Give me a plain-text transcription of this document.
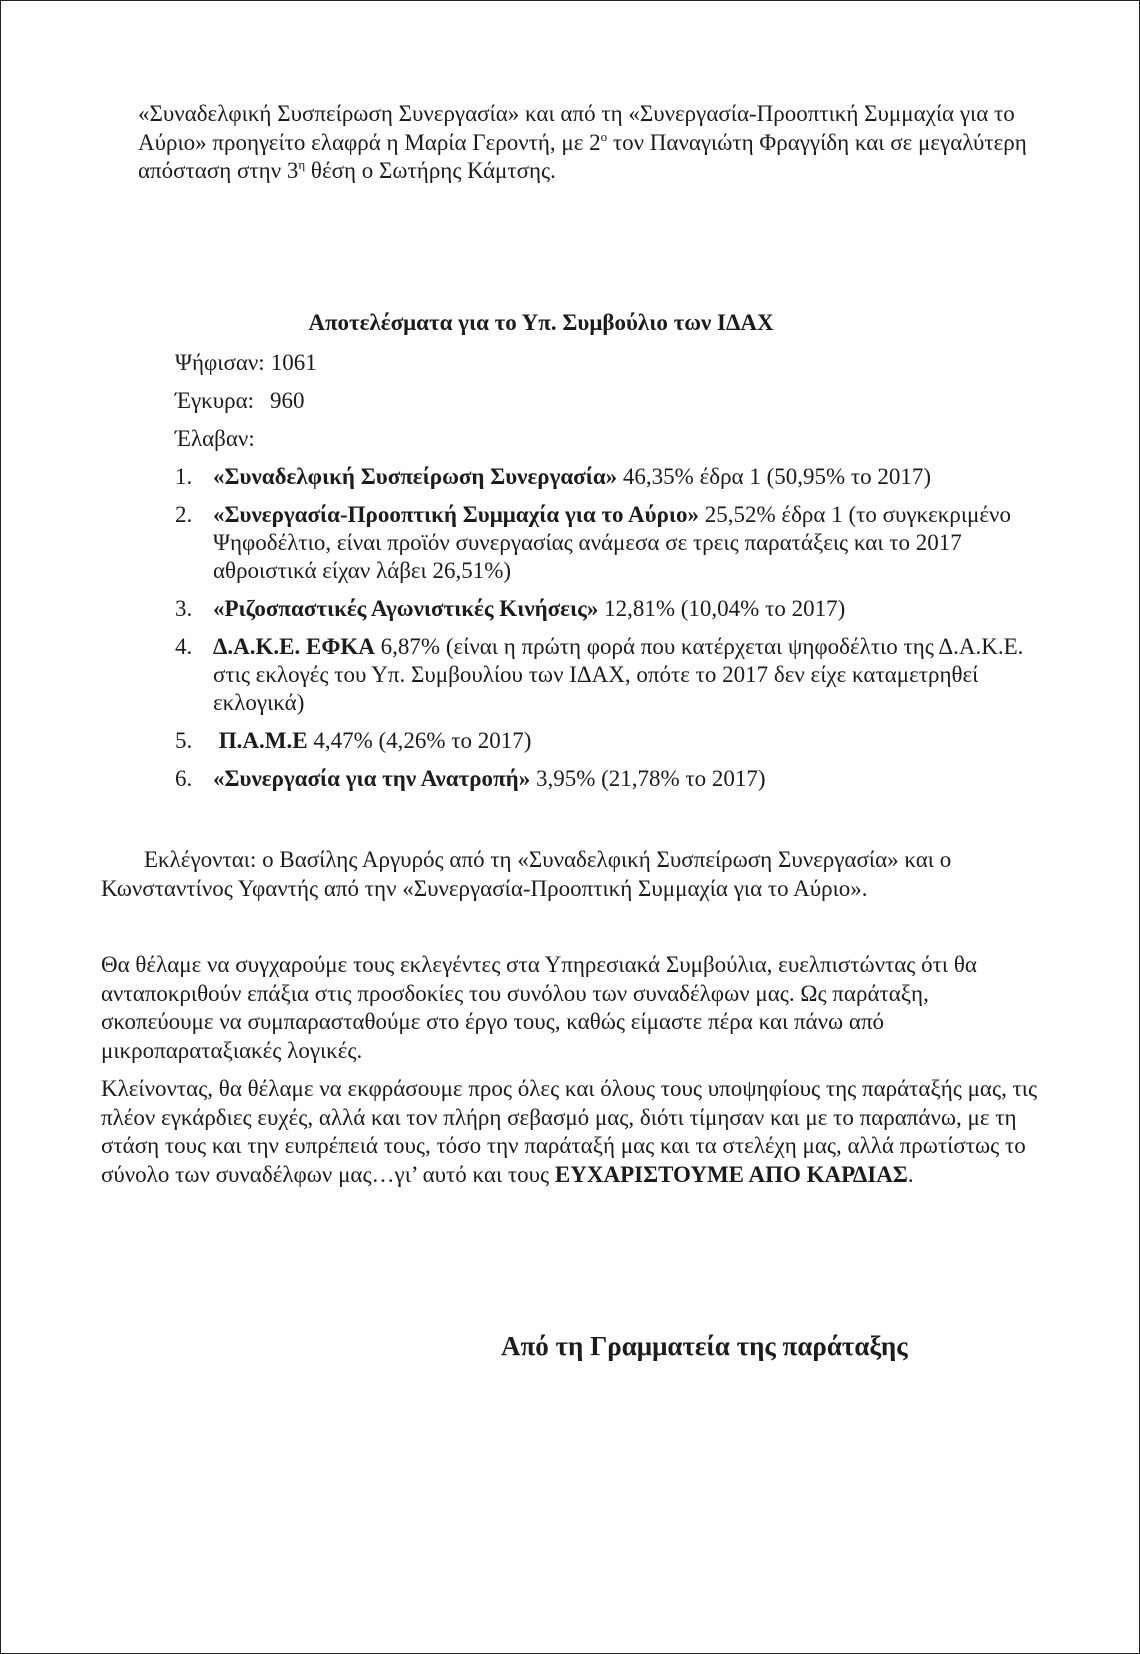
«Συναδελφική Συσπείρωση Συνεργασία» και από τη «Συνεργασία-Προοπτική Συμμαχία για το Αύριο» προηγείτο ελαφρά η Μαρία Γεροντή, με $2^o$ τον Παναγιώτη Φραγγίδη και σε μεγαλύτερη απόσταση στην $3^\eta$ θέση ο Σωτήρης Κάμτσης.

Αποτελέσματα για το Υπ. Συμβούλιο των ΙΔΑΧ
Ψήφισαν: 1061
Έγκυρα: 960
Έλαβαν:
1. «Συναδελφική Συσπείρωση Συνεργασία» 46,35% έδρα 1 (50,95% το 2017)
2. «Συνεργασία-Προοπτική Συμμαχία για το Αύριο» 25,52% έδρα 1 (το συγκεκριμένο Ψηφοδέλτιο, είναι προϊόν συνεργασίας ανάμεσα σε τρεις παρατάξεις και το 2017 αθροιστικά είχαν λάβει 26,51%)
3. «Ριζοσπαστικές Αγωνιστικές Κινήσεις» 12,81% (10,04% το 2017)
4. Δ.Α.Κ.Ε. ΕΦΚΑ 6,87% (είναι η πρώτη φορά που κατέρχεται ψηφοδέλτιο της Δ.Α.Κ.Ε. στις εκλογές του Υπ. Συμβουλίου των ΙΔΑΧ, οπότε το 2017 δεν είχε καταμετρηθεί εκλογικά)
5. Π.Α.Μ.Ε 4,47% (4,26% το 2017)
6. «Συνεργασία για την Ανατροπή» 3,95% (21,78% το 2017)

Εκλέγονται: ο Βασίλης Αργυρός από τη «Συναδελφική Συσπείρωση Συνεργασία» και ο Κωνσταντίνος Υφαντής από την «Συνεργασία-Προοπτική Συμμαχία για το Αύριο».

Θα θέλαμε να συγχαρούμε τους εκλεγέντες στα Υπηρεσιακά Συμβούλια, ευελπιστώντας ότι θα ανταποκριθούν επάξια στις προσδοκίες του συνόλου των συναδέλφων μας. Ως παράταξη, σκοπεύουμε να συμπαρασταθούμε στο έργο τους, καθώς είμαστε πέρα και πάνω από μικροπαραταξιακές λογικές.

Κλείνοντας, θα θέλαμε να εκφράσουμε προς όλες και όλους τους υποψηφίους της παράταξής μας, τις πλέον εγκάρδιες ευχές, αλλά και τον πλήρη σεβασμό μας, διότι τίμησαν και με το παραπάνω, με τη στάση τους και την ευπρέπειά τους, τόσο την παράταξή μας και τα στελέχη μας, αλλά πρωτίστως το σύνολο των συναδέλφων μας…γι’ αυτό και τους ΕΥΧΑΡΙΣΤΟΥΜΕ ΑΠΟ ΚΑΡΔΙΑΣ.

Από τη Γραμματεία της παράταξης
